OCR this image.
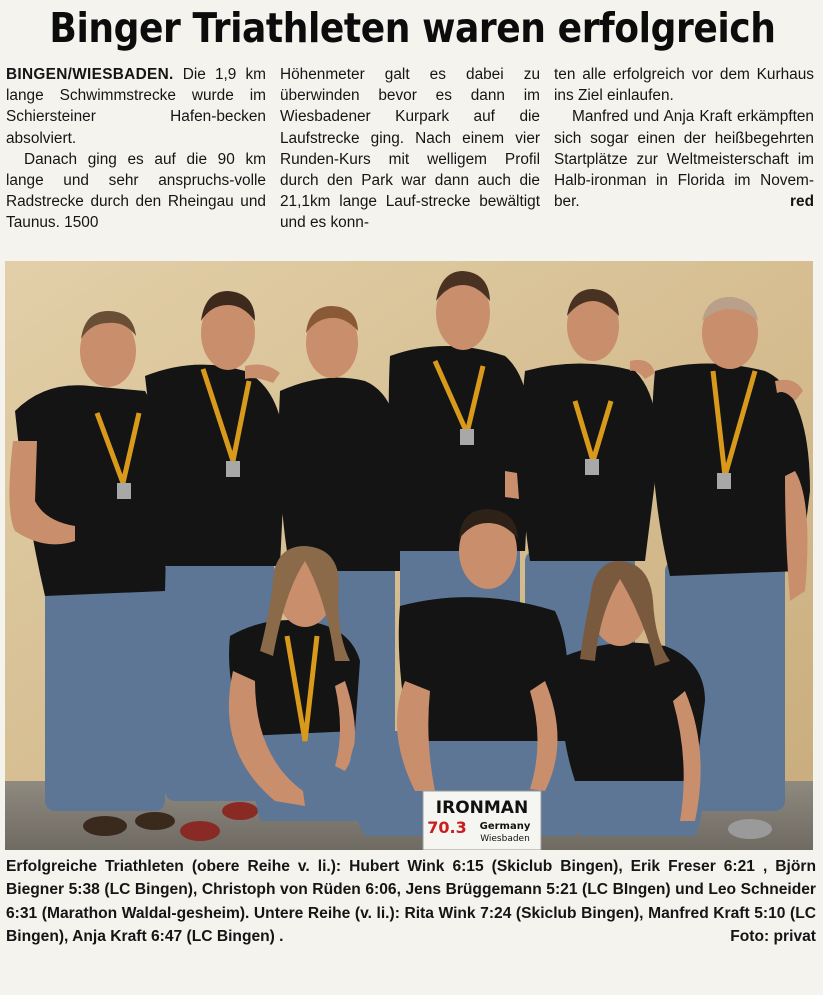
Binger Triathleten waren erfolgreich

BINGEN/WIESBADEN. Die 1,9 km lange Schwimmstrecke wurde im Schiersteiner Hafen-becken absolviert.

Danach ging es auf die 90 km lange und sehr anspruchs-volle Radstrecke durch den Rheingau und Taunus. 1500

Höhenmeter galt es dabei zu überwinden bevor es dann im Wiesbadener Kurpark auf die Laufstrecke ging. Nach einem vier Runden-Kurs mit welligem Profil durch den Park war dann auch die 21,1km lange Lauf-strecke bewältigt und es konn-

ten alle erfolgreich vor dem Kurhaus ins Ziel einlaufen.

Manfred und Anja Kraft erkämpften sich sogar einen der heißbegehrten Startplätze zur Weltmeisterschaft im Halb-ironman in Florida im Novem-ber.	red
IRONMAN
70.3 Germany
Wiesbaden
Erfolgreiche Triathleten (obere Reihe v. li.): Hubert Wink 6:15 (Skiclub Bingen), Erik Freser 6:21 , Björn Biegner 5:38 (LC Bingen), Christoph von Rüden 6:06, Jens Brüggemann 5:21 (LC BIngen) und Leo Schneider 6:31 (Marathon Waldal-gesheim). Untere Reihe (v. li.): Rita Wink 7:24 (Skiclub Bingen), Manfred Kraft 5:10 (LC Bingen), Anja Kraft 6:47 (LC Bingen) .	Foto: privat
